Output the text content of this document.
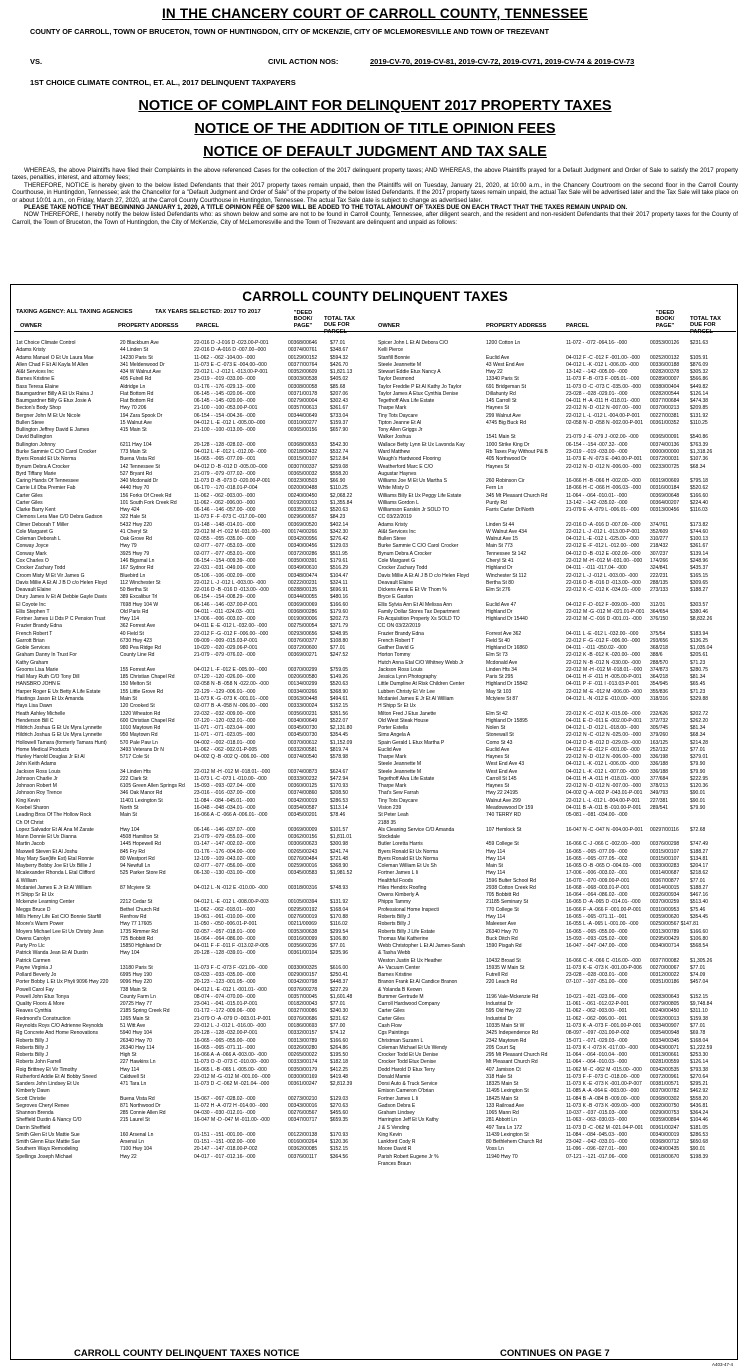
IN THE CHANCERY COURT OF CARROLL COUNTY, TENNESSEE
COUNTY OF CARROLL, TOWN OF BRUCETON, TOWN OF HUNTINGDON, CITY OF MCKENZIE, CITY OF MCLEMORESVILLE AND TOWN OF TREZEVANT
VS.	CIVIL ACTION NOS:	2019-CV-70, 2019-CV-81, 2019-CV-72, 2019-CV71, 2019-CV-74 & 2019-CV-73
1ST CHOICE CLIMATE CONTROL, ET. AL., 2017 DELINQUENT TAXPAYERS
NOTICE OF COMPLAINT FOR DELINQUENT 2017 PROPERTY TAXES
NOTICE OF THE ADDITION OF TITLE OPINION FEES
NOTICE OF DEFAULT JUDGMENT AND TAX SALE

WHEREAS, the above Plaintiffs have filed their Complaints in the above referenced Cases for the collection of the 2017 delinquent property taxes; AND WHEREAS, the above Plaintiffs prayed for a Default Judgment and Order of Sale to satisfy the 2017 property taxes, penalties, interest, and attorney fees;

THEREFORE, NOTICE is hereby given to the below listed Defendants that their 2017 property taxes remain unpaid, then the Plaintiffs will on Tuesday, January 21, 2020, at 10:00 a.m., in the Chancery Courtroom on the second floor in the Carroll County Courthouse, in Huntingdon, Tennessee; ask the Chancellor for a "Default Judgment and Order of Sale" of the property of the below listed Defendants. If the 2017 property taxes remain unpaid, the actual Tax Sale will be advertised later and the Tax Sale will take place on or about 10:01 a.m., on Friday, March 27, 2020, at the Carroll County Courthouse in Huntingdon, Tennessee. The actual Tax Sale date is subject to change as advertised later.

PLEASE TAKE NOTICE THAT BEGINNING JANUARY 1, 2020, A TITLE OPINION FEE OF $200 WILL BE ADDED TO THE TOTAL AMOUNT OF TAXES DUE ON EACH TRACT THAT THE TAXES REMAIN UNPAID ON.

NOW THEREFORE, I hereby notify the below listed Defendants who: as shown below and some are not to be found in Carroll County, Tennessee, after diligent search, and the resident and non-resident Defendants that their 2017 property taxes for the County of Carroll, the Town of Bruceton, the Town of Huntingdon, the City of McKenzie, City of McLemoresville and the Town of Trezevant are delinquent and unpaid as follows:

CARROLL COUNTY DELINQUENT TAXES
TAXING AGENCY: ALL TAXING AGENCIES	TAX YEARS SELECTED: 2017 TO 2017
OWNER	PROPERTY ADDRESS	PARCEL
"DEED BOOK/ PAGE"
TOTAL TAX DUE FOR PARCEL
OWNER	PROPERTY ADDRESS	PARCEL
"DEED BOOK/ PAGE"
TOTAL TAX DUE FOR PARCEL
1st Choice Climate Control	20 Blackburn Ave	22-016 D -J-016 D -023.00-P-001	00368/00646	$77.01
Adams Kristy	44 Linden St	22-016 D -A-016 D -007.00--000	00374/00761	$348.67
Adams Manuel O Et Ux Laura Mae	14230 Paris St	11-062 - -062 -104.00- -000	00129/00152	$594.32
Allen Chad F Et Al Kayla M Allen	341 Meldenwood Dr	11-073 E -C -073 E -004.00--000	00377/00764	$426.70
Al&t Services Inc	434 W Walnut Ave	22-012 L -J -012 L -013.00-P-001	00352/00609	$1,821.13
Barnes Kristine E	405 Fulrell Rd	23-019 - -019 -033.00- -000	00303/00538	$405.02
Bass Teresa Elaine	Aldridge Ln	01-176 - -176 -029.13- -000	00308/00058	$85.68
Baumgardner Billy A Et Ux Raina J	Flat Bottom Rd	06-145 - -145 -020.06- -000	00371/00178	$207.06
Baumgardner Billy G Etux Josie A	Flat Bottom Rd	06-145 - -145 -020.00- -000	00279/00004	$302.43
Becton's Body Shop	Hwy 70 206	21-100 - -100 -053.00-P-001	00357/00613	$361.67
Bergner John M Et Ux Nicole	194 Zara Spook Dr	06-154 - -154 -004.36- -000	00344/00649	$733.04
Bullen Steve	15 Walnut Ave	04-012 L -E -012 L -005.00--000	00310/00277	$159.37
Bullington Jeffrey David E James	415 Main St	21-100 - -100 -013.00- -000	00365/00156	$657.90
David Bullington
Bullington Johnny	6211 Hwy 104	20-128 - -128 -028.02- -000	00368/00653	$542.30
Burke Sammie C C/O Carol Crocker	773 Main St	04-012 L -F -012 L -012.00- -000	00218/00432	$532.74
Byers Ronald Et Ux Norma	Buena Vista Rd	16-065 - -065 -077.09- -001	00315/00107	$212.84
Bynum Debra A Crocker	142 Tennessee St	04-012 D -B -012 D -005.00--000	00307/00337	$259.08
Byrd Tiffany Marie	527 Bryant Rd	21-079 - -079 -077.02- -000	00365/00032	$558.20
Caring Hands Of Tennessee	340 Mcdonald Dr	11-073 D -B -073 D -020.00-P-001	00323/00503	$66.90
Carrie Lil Dba Premier Fab	4440 Hwy 70	06-170 - -170 -018.01-P-004	00200/00488	$110.25
Carter Giles	156 Forks Of Creek Rd	11-062 - -062 -003.00- -000	00240/00450	$2,068.22
Carter Giles	101 South Fork Creek Rd	11-062 - -062 -006.00- -000	00192/00013	$1,355.84
Clarke Barry Kent	Hwy 424	06-146 - -146 -057.00- -000	00335/00162	$520.63
Clemons Lera Mae C/O Debra Gadson	322 Hale St	11-073 F -F -073 C -017.00--000	00296/00657	$84.23
Climer Deborah T Miller	5432 Hwy 220	01-148 - -148 -014.01- -000	00369/00520	$402.14
Cole Margaret G	41 Cheryl St	22-012 M -H -012 M -031.00- -000	00174/00266	$342.30
Coleman Deborah L	Oak Grove Rd	02-055 - -055 -035.00- -000	00342/00956	$276.42
Conway Joyce	Hwy 79	02-077 - -077 -053.03- -000	00340/00456	$129.03
Conway Mark	3925 Hwy 79	02-077 - -077 -053.01- -000	00372/00286	$511.95
Cox Charles O	146 Bigsmal Ln	06-154 - -154 -009.39- -000	00350/00391	$179.61
Crocker Zachary Todd	167 Sydnor Rd	22-031 - -031 -049.00- -000	00349/00610	$516.29
Croom Misty M Et Vir James G	Bluebird Ln	05-106 - -106 -002.09- -000	00348/00474	$104.47
Davis Millie A Et Al J B D c/o Helen Floyd	112 Winchester St	22-012 L -J -012 L -003.00- -000	00222/00231	$324.11
Deavault Elaine	50 Bertha St	22-016 D -B -016 D -013.00- -000	00288/00135	$696.91
Drury James Iv Et Al Debbie Gayle Davis	389 Excalibur Trl	06-154 - -154 -008.29- -000	00344/00055	$480.16
El Coyote Inc	7698 Hwy 104 W	06-146 - -146 -037.00-P-001	00369/00069	$166.60
Ellis Stephen T	Old Paris Rd	04-011 - -011 -024.03- -001	00368/00286	$179.60
Fortner James Li Dds P C Pension Trust	Hwy 114	17-006 - -006 -003.02- -000	00190/00006	$202.73
Frazier Brandy Edna	362 Forrest Ave	04-011 E -E -012 L -032.00- -000	00275/00054	$371.79
French Robert T	40 Field St	22-012 F -G -012 F -006.00- -000	00293/00656	$248.95
Garrott Brian	6730 Hwy 423	09-009 - -009 -015.03-P-001	00376/00377	$108.80
Goble Services	980 Pea Ridge Rd	10-020 - -020 -029.06-P-001	00372/00600	$77.01
Graham Danny In Trust For	County Line Rd	21-079 - -079 -076.02- -000	00369/00271	$247.52
Kathy Graham
Grooms Lisa Marie	155 Forrest Ave	04-012 L -F -012 E -005.00- -000	00370/00299	$759.05
Hall Mary Ruth C/O Tony Dill	185 Christian Chapel Rd	07-120 - -120 -026.00- -000	00206/00580	$149.26
HANSBRO JOHN E	150 Melton St	02-058 N -B -058 N -022.00- -000	00134/00299	$520.63
Harper Roger E Ux Betty A Life Estate	155 Little Grove Rd	22-129 - -129 -006.01- -000	00334/00266	$368.90
Hastings Jason Et Ux Amanda	Main St	11-073 K -G -073 K -001.01- -000	00363/00448	$494.61
Hays Lisa Dawn	120 Crooked St	02-077 B -A -058 N -006.00- -000	00333/00024	$152.15
Heath Ashley Michelle	1320 Wheaton Rd	22-032 - -032 -009.00- -000	00356/00231	$351.56
Henderson Bill C	600 Christian Chapel Rd	07-120 - -120 -032.01- -000	00340/00649	$522.07
Hildrich Joshua G Et Ux Myra Lynnette	1010 Maytown Rd	11-071 - -071 -023.04- -000	00345/00730	$2,131.80
Hildrich Joshua G Et Ux Myra Lynnette	950 Maytown Rd	11-071 - -071 -023.05- -000	00345/00730	$354.45
Hollowell Tamara (formerly Tamara Hunt)	570 Pale Paw Ln	04-002 - -002 -018.01- -000	00370/00612	$1,152.09
Home Medical Products	3493 Veterans Dr N	11-062 - -062 -002.01-P-005	00332/00581	$819.74
Hunley Harold Douglas Jr Et Al	5717 Cole St	04-002 Q -B -002 Q -006.00- -000	00374/00540	$578.98
John Keith Adams
Jackson Ross Louis	34 Linden Hts	22-012 M -H -012 M -018.01- -000	00374/00873	$624.67
Johnson Charlie Jr	222 Clark St	11-073 L -C -073 L -010.00- -000	00333/00232	$472.94
Johnson Robert M	6105 Green Allen Springs Rd	15-093 - -093 -027.04- -000	00360/00125	$170.93
Johnson Roy Trence	346 Oak Manor Rd	23-016 - -016 -037.00- -000	00374/00860	$208.50
King Kevin	11401 Lexington St	11-084 - -084 -045.01- -000	00342/00019	$286.53
Koebel Sharon	North St	16-048 - -048 -034.01- -000	00354/00587	$113.14
Leading Bros Of The Hollow Rock	Main St	16-066 A -C -066 A -006.01- -000	00345/00201	$78.46
Ch Of Christ
Lopez Salvador Et Al Ana M Zarate	Hwy 104	06-146 - -146 -037.07- -000	00369/00009	$101.57
Mann Donnie Et Ux Dianna	4508 Hamilton St	21-079 - -079 -055.03- -000	00362/00156	$1,811.01
Martin Jacob	1445 Hopewell Rd	01-147 - -147 -002.02- -000	00306/00623	$300.98
Maxwell Steven Et Al Joshu	845 Fry Rd	01-176 - -176 -004.00- -000	00265/00243	$241.74
May Mary Sue(life Est) Etal Ronnie	80 Westport Rd	12-109 - -109 -043.02- -000	00276/00484	$721.48
Mayberry Bobby Joe Et Ux Billie J	94 Newfull Ln	02-077 - -077 -056.00- -000	00259/00016	$368.90
Mcalexander Rhonda L Etal Clifford	525 Parker Store Rd	06-130 - -130 -031.00- -000	00345/00583	$1,981.52
& William
Mcdaniel James E Jr Et Al William	87 Mcyiere St	04-012 L -N -012 E -010.00- -000	00318/00316	$748.93
H Shipp Sr Et Ux
Mckenzie Learning Center	2212 Cedar St	04-012 L -E -012 L -008.00-P-003	00105/00394	$131.92
Meggs Bruce D	Bethel Church Rd	11-062 - -062 -018.01- -000	00295/00192	$168.04
Mills Henry Life Est C/O Bonnie Starfill	Renfrow Rd	19-061 - -061 -010.00- -000	00276/00019	$170.88
Moore's Warm Power	Hwy 77 17605	11-050 - -050 -006.01-P-001	00211/00069	$116.02
Moyers Michael Lee Et Ux Christy Jean	1735 Rimmer Rd	02-057 - -057 -018.01- -000	00353/00638	$299.54
Owens Carolyn	725 Bobbitt Rd	16-064 - -064 -086.00- -000	00316/00099	$106.80
Party Pro Llc	15850 Highland Dr	04-011 F -F -011 F -013.02-P-005	00356/00236	$77.01
Patrick Wanda Jean Et Al Dustin	Hwy 104	20-128 - -128 -039.01- -000	00361/00104	$235.96
Patrick Carmen
Payne Virginia J	13180 Paris St	11-073 F -C -073 F -021.00- -000	00330/00325	$616.00
Pollard Beverly Jo	6995 Hwy 190	03-033 - -033 -035.00- -000	00290/00157	$250.41
Porter Bobby L Et Ux Phyli 9096 Hwy 220	9096 Hwy 220	20-123 - -123 -001.05- -000	00342/00798	$448.37
Powell Carol Fay	738 Main St	04-012 L -E -012 L -001.01- -000	00376/00278	$227.29
Powell John Etux Tonya	County Farm Ln	08-074 - -074 -070.00- -000	00357/00045	$1,601.48
Quality Floors & More	20725 Hwy 77	23-041 - -041 -015.01-P-001	00182/00043	$77.01
Reaves Cynthia	2185 Spring Creek Rd	01-172 - -172 -009.06- -000	00327/00086	$240.30
Redmond's Construction	1265 Main St	21-079 O -A -079 O -003.01-P-001	00376/00686	$231.62
Reynolds Roys C/O Adrienne Reynolds	51 Witt Ave	22-012 L -J -012 L -016.00- -000	00186/00693	$77.00
Rg Concrete And Home Renovations	5940 Hwy 104	20-128 - -128 -032.00-P-001	00332/00157	$74.12
Roberts Billy J	26340 Hwy 70	16-065 - -065 -055.00- -000	00313/00789	$166.60
Roberts Billy J	26340 Hwy 114	16-065 - -065 -071.11- -000	00326/00280	$264.86
Roberts Billy J	High St	16-066 A -A -066 A -003.00- -000	00265/00022	$195.50
Roberts John Farrell	227 Hawkins Ln	11-073 O -D -073 C -010.00- -000	00333/00174	$182.18
Roig Brittney Et Vir Timothy	Hwy 114	16-065 L -B -065 L -005.00- -000	00350/00179	$412.25
Rutherford Addie Et Al Bobby Sneed	Caldwell St	22-012 M -G -012 M -001.00- -000	00300/00169	$419.48
Sanders John Lindsey Et Ux	471 Tara Ln	11-073 D -C -062 M -021.04- -000	00361/00247	$2,812.39
Kimberly Dawn
Scott Christie	Buena Vista Rd	15-067 - -067 -028.02- -000	00273/00210	$129.03
Segroves Cheryl Renee	871 Northwood Dr	11-072 H -A -072 H -014.00- -000	00343/00016	$270.63
Shannon Brenda	285 Connie Allen Rd	04-030 - -030 -012.01- -000	00276/00567	$455.60
Sheffield Dustin & Nancy C/O	215 Laurel St	16-047 M -D -047 M -011.00- -000	00347/00717	$659.35
Darrin Sheffield
Smith Glen Et Ux Mattie Sue	160 Arsenal Ln	01-151 - -151 -001.00- -000	00122/00138	$170.93
Smith Glenn Etux Mattie Sue	Arsenal Ln	01-151 - -151 -002.00- -000	00160/00264	$120.36
Southern Ways Remodeling	7100 Hwy 104	20-147 - -147 -018.00-P-002	00362/00085	$152.15
Spellings Joseph Michael	Hwy 22	04-017 - -017 -012.16- -000	00376/00117	$364.56
Spicer John L Et Al Debora C/O	1200 Cotton Ln	11-072 - -072 -064.16- -000	00353/00126	$231.63
Kelli Pierce
Stanfill Bonnie	Euclid Ave	04-012 F -C -012 F -001.00- -000	00252/00132	$105.91
Steele Jeannette M	43 West End Ave	04-012 L -K -012 L -006.00- -000	00336/00188	$876.09
Stewart Eddie Etux Nancy A	Hwy 22	13-142 - -142 -005.00- -000	00282/00378	$305.32
Taylor Desmond	13340 Paris St	11-073 F -B -073 F -005.01- -000	00289/00007	$566.86
Taylor Freddie P Et Al Kathy Jo Taylor	691 Bridgeman St	11-073 O -C -073 C -035.00- -000	00380/00404	$449.82
Taylor James A Etux Cynthia Denise	Dillahunty Rd	23-028 - -028 -029.01- -000	00282/00544	$126.14
Tegethoff Alva Life Estate	145 Carroll St	04-011 H -A -011 H -018.01- -000	00377/00684	$474.38
Tharpe Mark	Haynes St	22-012 N -D -012 N -007.00- -000	00370/00213	$209.85
Tiny Tots Daycare	299 Walnut Ave	22-012 L -L -012 L -004.00-P-001	00227/00381	$131.92
Tipton Jeanne Et Al	4745 Big Buck Rd	02-058 N -D -058 N -002.00-P-001	00361/00352	$110.25
Tony Allen Griggs Jr
Walker Joshua	1541 Main St	21-079 J -E -079 J -002.00- -000	00365/00091	$540.86
Wallace Betty Lynn Et Ux Lavonda Kay	1000 Strike King Dr	06-154 - -154 -007.32- -000	00374/00136	$763.39
Ward Matthew	Rb Taxes Pay Without P& B	23-019 - -019 -033.00- -000	00000/00000	$1,318.26
Waugh's Hardwood Flooring	405 Northwood Dr	11-073 E -N -073 E -040.00-P-001	00372/00031	$107.36
Weatherford Marc E C/O	Haynes St	22-012 N -D -012 N -006.00- -000	00233/00725	$68.34
Augustar Haynes
Williams Joe M Et Ux Martha S	260 Robinson Cir	16-066 H -B -066 H -002.00- -000	00319/00669	$795.18
White Misty D	Fern Ln	18-066 H -C -066 H -006.03- -000	00316/00184	$520.62
Williams Billy Et Ux Peggy Life Estate	345 Mt Pleasant Church Rd	11-064 - -064 -010.01- -000	00369/00648	$166.60
Williams Gordon L	Purdy Rd	13-142 - -142 -035.02- -000	00364/00207	$224.40
Williamson Earskin Jr SOLD TO	Farris Carter Dr/North	21-079 E -A -079 L -006.01- -000	00313/00456	$116.03
CC 03/22/2019
Adams Kristy	Linden St 44	22-016 D -A -016 D -007.00- -000	374/761	$173.82
Al&t Services Inc	W Walnut Ave 434	22-012 L -J -012 L -013.00-P-001	352/609	$744.60
Bullen Steve	Walnut Ave 15	04-012 L -E -012 L -025.00- -000	310/277	$100.13
Burke Sammie C C/O Carol Crocker	Main St 773	22-012 E -F -012 L -012.00- -000	218/432	$361.67
Bynum Debra A Crocker	Tennessee St 142	04-012 D -B -012 E -002.00- -000	307/237	$139.14
Cole Margaret G	Cheryl St 41	22-012 M -H -012 M -031.00- -000	174/266	$248.96
Crocker Zachary Todd	Highland Dr	04-011 - -011 -017.04- -000	324/841	$435.37
Davis Millie A Et Al J B D c/o Helen Floyd	Winchester St 112	22-012 L -J -012 L -003.00- -000	222/231	$165.15
Deavault Elaine	Bertha St 80	22-016 D -B -016 D -013.00- -000	288/135	$309.65
Dickens Anna E Et Vir Thom %	Elm St 276	22-012 K -C -012 K -034.01- -000	273/133	$188.27
Bryce E Gaston
Ellis Sylvia Ann Et Al Melissa Ann	Euclid Ave 47	04-012 F -D -012 F -009.00- -000	312/31	$303.57
Family Dollar Stores Tax Department	Highland Dr	22-012 M -G -012 M -021.01-P-001	364/654	$380.46
Fb Acquisition Property Xs SOLD TO	Highland Dr 15440	22-012 M -C -016 D -001.01- -000	376/150	$8,832.26
CC ON 03/22/2019
Frazier Brandy Edna	Forrest Ave 362	04-011 L -E -012 L -032.00- -000	375/54	$183.94
French Robert T	Field St 40	22-012 F -G -012 F -006.00- -000	293/656	$136.25
Gaither David G	Highland Dr 16860	04-011 - -011 -050.02- -000	368/218	$1,035.04
Horton Tommy	Elm St 73	22-012 K -B -012 K -020.00- -000	388/6	$205.61
Hutch Anna Etal C/O Whitney Webb Jr	Mcdonald Ave	22-012 N -B -012 N -030.00- -000	288/570	$71.23
Jackson Ross Louis	Linden Hts 34	22-012 M -H -012 M -018.01- -000	374/873	$280.75
Jessica Lynn Photography	Paris St 295	04-011 H -F -011 H -005.00-P-001	364/218	$81.34
Little Dumpline At Risk Children Center	Highland Dr 15842	04-011 P -F -011 I -013.03-P-001	354/945	$65.45
Lubben Christy Et Vir Lee	May St 103	22-012 M -E -012 M -006.00- -000	355/836	$71.23
Mcdaniel James E Jr Et Al William	Mctyiere St 87	04-012 L -N -012 E -010.00- -000	318/316	$329.88
H Shipp Sr Et Ux
Milton Fred J Etux Janette	Elm St 42	22-012 K -C -012 K -015.00- -000	232/626	$202.72
Old West Steak House	Highland Dr 15895	04-011 E -D -011 E -002.00-P-001	372/732	$262.20
Porter Estella	Nolen St	04-012 L -D -012 L -018.00- -000	305/745	$81.34
Sims Angela A	Stonewall St	22-012 N -C -012 N -025.00- -000	379/260	$68.34
Spain Gerald L Etux Martha P	Como St 43	04-012 D -B -012 D -029.03- -000	163/125	$214.28
Euclid Ave	Euclid Ave	04-012 F -E -012 F -001.00- -000	252/132	$77.01
Tharpe Mark	Haynes St	22-012 N -D -012 N -006.00- -000	336/198	$379.01
Steele Jeannette M	West End Ave 43	04-012 L -K -012 L -006.00- -000	336/188	$79.90
Steele Jeannette M	West End Ave	04-012 L -K -012 L -007.00- -000	336/188	$79.90
Tegethoff Alva Life Estate	Carroll St 145	04-011 H -A -011 H -018.01- -000	377/684	$222.95
Tharpe Mark	Haynes St	22-012 N -D -012 N -007.00- -000	378/213	$120.36
That's Sew Farrah	Hwy 22 24195	04-002 Q -A -002 P -043.01-P-001	349/793	$90.01
Tiny Tots Daycare	Walnut Ave 299	22-012 L -L -012 L -004.00-P-001	227/381	$90.01
Vision 239	Meadowwood Dr 159	04-011 B -A -011 B -010.00-P-001	289/541	$79.90
St Peter Leah	740 TERRY RD	05-081 - -081 -034.00- -000
2188 35
Als Cleaning Service C/O Amanda	107 Hemlock St	16-047 N -C -047 N -004.00-P-001	00297/00116	$72.68
Stockdale
Butler Loretta Harris	459 College St	16-066 C -J -066 C -002.00- -000	00376/00298	$747.49
Byers Ronald Et Ux Norma	Hwy 114	16-065 - -065 -077.09- -000	00315/00107	$188.27
Byers Ronald Et Ux Norma	Hwy 114	16-065 - -065 -077.05- -002	00315/00107	$134.81
Coleman William Et Ux Sh	Main St	16-065 O -B -065 O -004.03- -000	00330/00283	$204.17
Fortner James L Ii	Hwy 114	17-006 - -006 -003.02- -001	00314/00687	$218.62
Healthful Foods	1596 Bulter School Rd	16-070 - -070 -009.00-P-001	00367/00877	$77.01
Hiles Hendrix Roofing	2938 Cotton Creek Rd	16-068 - -068 -003.01-P-001	00314/00015	$188.27
Owens Kimberly A	705 Bobbitt Rd	16-064 - -064 -086.02- -000	00326/00934	$467.16
Phipps Tammy	21185 Seminary St	16-065 D -A -065 D -014.01- -000	00370/00259	$513.40
Professional Home Inspecti	770 College St	16-066 F -A -066 F -001.00-P-001	00310/00953	$75.46
Roberts Billy J	Hwy 114	16-065 - -065 -071.11- -001	00359/00620	$354.45
Roberts Billy J	Maleeser Ave	16-055 L -A -065 L -001.00- -000	00250/00567 $147.81
Roberts Billy J Life Estate	26340 Hwy 70	16-065 - -065 -055.00- -000	00313/00789	$166.60
Thomas Mai Katherine	Buck Ditch Rd	15-093 - -093 -025.02- -000	00295/00429	$106.80
Webb Christopher L Et Al James-Sarah	1590 Pisgah Rd	16-047 - -047 -047.00- -000	00340/00714	$568.54
& Tasha Webb
Weston Justin Et Ux Heather	10432 Broad St	16-066 C -K -066 C -016.00- -000	00377/00082	$1,305.26
A+ Vacuum Center	15935 W Main St	11-073 K -E -073 K -001.00-P-006	00270/00067	$77.01
Barnes Kristine	Futrell Rd	23-028 - -028 -003.01- -000	00312/00022	$74.09
Branon Frank Et Al Candice Branon	220 Leach Rd	07-107 - -107 -051.00- -000	00351/00186	$457.04
& Yolanda B Keown
Bummer Gertrude M	1196 Vale-Mckenzie Rd	10-021 - -021 -023.06- -000	00283/00643	$152.15
Carroll Hardwood Company	Industrial Dr	11-061 - -061 -012.02-P-001	00379/00805	$9,748.84
Carter Giles	595 Old Hwy 22	11-062 - -062 -003.00- -001	00240/00450	$311.10
Carter Giles	Industrial Dr	11-062 - -062 -006.00- -001	00192/00013	$159.38
Cash Flow	10335 Main St W	11-073 K -A -073 F -001.00-P-001	00334/00907	$77.01
Cgs Paintings	3425 Independence Rd	08-097 - -097 -031.00-P-002	00354/00948	$69.78
Christman Suzann L	2342 Maytown Rd	15-071 - -071 -029.03- -000	00334/00345	$168.04
Coleman Michael Et Ux Wendy	205 Court Sq	11-073 K -I -073 K -017.00- -000	00343/00071	$1,222.59
Crocker Todd Et Ux Denise	295 Mt Pleasant Church Rd	11-064 - -064 -010.04- -000	00313/00661	$253.30
Crocker Todd Etux Denise	Mt Pleasant Church Rd	11-064 - -064 -010.03- -000	00281/00559	$126.14
Dodd Harold D Etux Terry	407 Jamison Ct	11-062 M -C -062 M -015.00- -000	00342/00535	$793.38
Donald Mamie	318 Hale St	11-073 F -F -073 C -018.00- -000	00372/00961	$270.64
Dorsi Auto & Truck Service	18325 Main St	11-073 K -E -073 K -001.00-P-007	00381/00571	$295.21
Emison Cameron O'brian	11495 Lexington St	11-085 A -A -064 E -003.00- -000	00370/00782	$462.92
Fortner James L Ii	18425 Main St	11-084 B -A -084 B -009.00- -000	00368/00302	$558.20
Gadson Debra E	133 Railroad Ave	11-073 K -B -073 K -009.00- -000	00320/00750	$436.81
Graham Lindsey	1065 Mann Rd	10-037 - -037 -015.03- -000	00290/00753	$364.24
Harrington Jeff Et Ux Kathy	281 Abbott Ln	11-063 - -063 -030.03- -000	00359/00894	$104.46
J & S Vending	497 Tara Ln 172	11-073 D -C -062 M -021.04-P-001	00361/00247	$181.05
King Kevin	11439 Lexington St	11-084 - -084 -045.03- -000	00340/00019	$286.53
Lankford Cody R	80 Bethlehem Church Rd	23-042 - -042 -033.01- -000	00368/00712	$650.68
Moore David R	Voss Ln	11-096 - -096 -027.01- -000	00240/00435	$90.01
Parish Robert Eugene Jr %	11940 Hwy 70	07-121 - -121 -017.06- -000	00318/00670	$198.39
Frances Braun
CARROLL COUNTY DELINQUENT TAXES NOTICE	CONTINUES ON PAGE 7
A403-47-4
